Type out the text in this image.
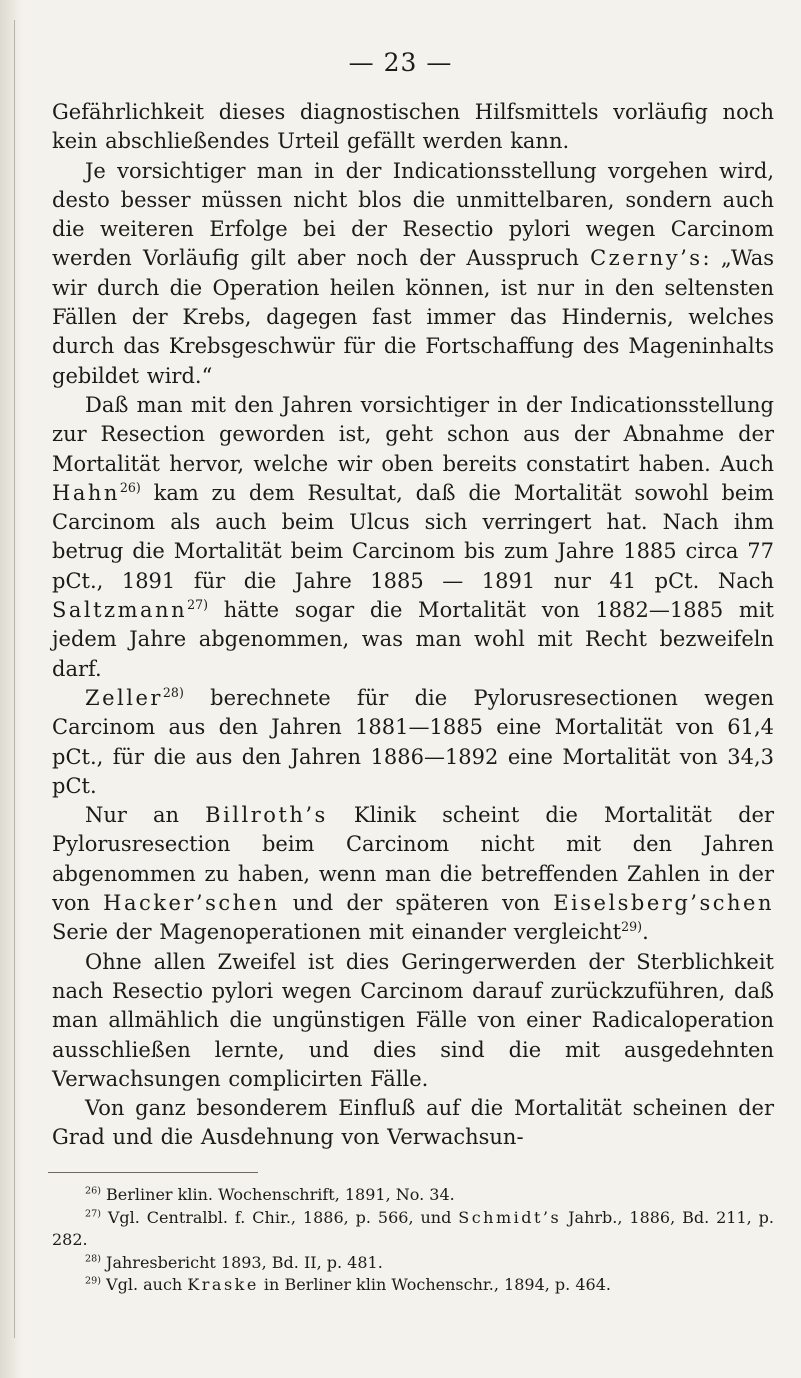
— 23 —

Gefährlichkeit dieses diagnostischen Hilfsmittels vorläufig noch kein abschließendes Urteil gefällt werden kann.

Je vorsichtiger man in der Indicationsstellung vorgehen wird, desto besser müssen nicht blos die unmittelbaren, sondern auch die weiteren Erfolge bei der Resectio pylori wegen Carcinom werden Vorläufig gilt aber noch der Ausspruch Czerny’s: „Was wir durch die Operation heilen können, ist nur in den seltensten Fällen der Krebs, dagegen fast immer das Hindernis, welches durch das Krebsgeschwür für die Fortschaffung des Mageninhalts gebildet wird.“

Daß man mit den Jahren vorsichtiger in der Indicationsstellung zur Resection geworden ist, geht schon aus der Abnahme der Mortalität hervor, welche wir oben bereits constatirt haben. Auch Hahn$^{26)}$ kam zu dem Resultat, daß die Mortalität sowohl beim Carcinom als auch beim Ulcus sich verringert hat. Nach ihm betrug die Mortalität beim Carcinom bis zum Jahre 1885 circa 77 pCt., 1891 für die Jahre 1885 — 1891 nur 41 pCt. Nach Saltzmann$^{27)}$ hätte sogar die Mortalität von 1882—1885 mit jedem Jahre abgenommen, was man wohl mit Recht bezweifeln darf.

Zeller$^{28)}$ berechnete für die Pylorusresectionen wegen Carcinom aus den Jahren 1881—1885 eine Mortalität von 61,4 pCt., für die aus den Jahren 1886—1892 eine Mortalität von 34,3 pCt.

Nur an Billroth’s Klinik scheint die Mortalität der Pylorusresection beim Carcinom nicht mit den Jahren abgenommen zu haben, wenn man die betreffenden Zahlen in der von Hacker’schen und der späteren von Eiselsberg’schen Serie der Magenoperationen mit einander vergleicht$^{29)}$.

Ohne allen Zweifel ist dies Geringerwerden der Sterblichkeit nach Resectio pylori wegen Carcinom darauf zurückzuführen, daß man allmählich die ungünstigen Fälle von einer Radicaloperation ausschließen lernte, und dies sind die mit ausgedehnten Verwachsungen complicirten Fälle.

Von ganz besonderem Einfluß auf die Mortalität scheinen der Grad und die Ausdehnung von Verwachsun-

$^{26)}$ Berliner klin. Wochenschrift, 1891, No. 34.

$^{27)}$ Vgl. Centralbl. f. Chir., 1886, p. 566, und Schmidt’s Jahrb., 1886, Bd. 211, p. 282.

$^{28)}$ Jahresbericht 1893, Bd. II, p. 481.

$^{29)}$ Vgl. auch Kraske in Berliner klin Wochenschr., 1894, p. 464.
